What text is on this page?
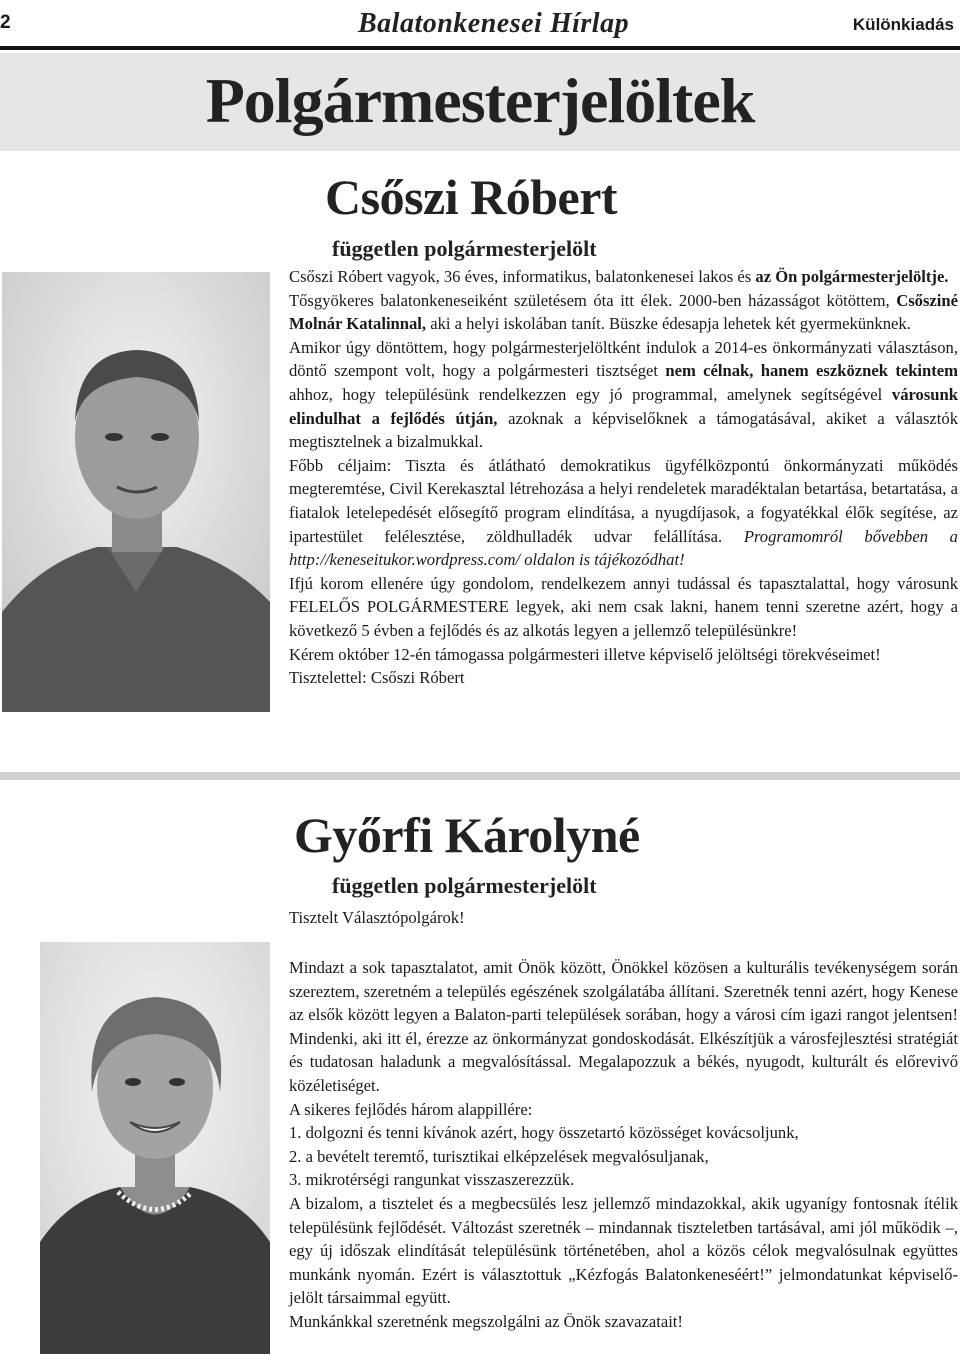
2	Balatonkenesei Hírlap	Különkiadás
Polgármesterjelöltek
Csőszi Róbert
független polgármesterjelölt

Csőszi Róbert vagyok, 36 éves, informatikus, balatonkenesei lakos és az Ön polgármesterjelöltje.

Tősgyökeres balatonkeneseiként születésem óta itt élek. 2000-ben házasságot kötöttem, Csősziné Molnár Katalinnal, aki a helyi iskolában tanít. Büszke édesapja lehetek két gyermekünknek.

Amikor úgy döntöttem, hogy polgármesterjelöltként indulok a 2014-es önkormányzati választáson, döntő szempont volt, hogy a polgármesteri tisztséget nem célnak, hanem eszköznek tekintem ahhoz, hogy településünk rendelkezzen egy jó programmal, amelynek segítségével városunk elindulhat a fejlődés útján, azoknak a képviselőknek a támogatásával, akiket a választók megtisztelnek a bizalmukkal.

Főbb céljaim: Tiszta és átlátható demokratikus ügyfélközpontú önkormányzati működés megteremtése, Civil Kerekasztal létrehozása a helyi rendeletek maradéktalan betartása, betartatása, a fiatalok letelepedését elősegítő program elindítása, a nyugdíjasok, a fogyatékkal élők segítése, az ipartestület felélesztése, zöldhulladék udvar felállítása. Programomról bővebben a http://keneseitukor.wordpress.com/ oldalon is tájékozódhat!

Ifjú korom ellenére úgy gondolom, rendelkezem annyi tudással és tapasztalattal, hogy városunk FELELŐS POLGÁRMESTERE legyek, aki nem csak lakni, hanem tenni szeretne azért, hogy a következő 5 évben a fejlődés és az alkotás legyen a jellemző településünkre!

Kérem október 12-én támogassa polgármesteri illetve képviselő jelöltségi törekvéseimet!

Tisztelettel: Csőszi Róbert

Győrfi Károlyné
független polgármesterjelölt
Tisztelt Választópolgárok!

Mindazt a sok tapasztalatot, amit Önök között, Önökkel közösen a kulturális tevékenységem során szereztem, szeretném a település egészének szolgálatába állítani. Szeretnék tenni azért, hogy Kenese az elsők között legyen a Balaton-parti települések sorában, hogy a városi cím igazi rangot jelentsen! Mindenki, aki itt él, érezze az önkormányzat gondoskodását. Elkészítjük a városfejlesztési stratégiát és tudatosan haladunk a megvalósítással. Megalapozzuk a békés, nyugodt, kulturált és előrevivő közéletiséget.

A sikeres fejlődés három alappillére:

1. dolgozni és tenni kívánok azért, hogy összetartó közösséget kovácsoljunk,

2. a bevételt teremtő, turisztikai elképzelések megvalósuljanak,

3. mikrotérségi rangunkat visszaszerezzük.

A bizalom, a tisztelet és a megbecsülés lesz jellemző mindazokkal, akik ugyanígy fontosnak ítélik településünk fejlődését. Változást szeretnék – mindannak tiszteletben tartásával, ami jól működik –, egy új időszak elindítását településünk történetében, ahol a közös célok megvalósulnak együttes munkánk nyomán. Ezért is választottuk „Kézfogás Balatonkeneséért!” jelmondatunkat képviselő-jelölt társaimmal együtt.

Munkánkkal szeretnénk megszolgálni az Önök szavazatait!
